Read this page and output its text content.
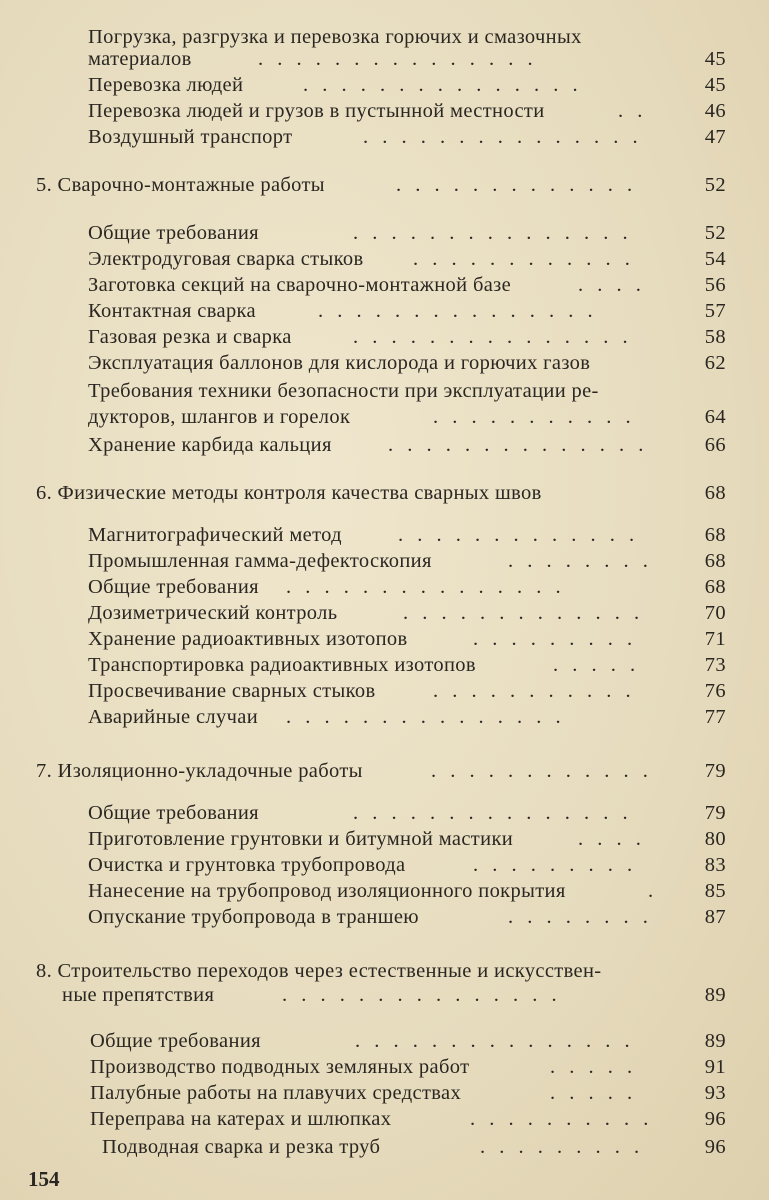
Погрузка, разгрузка и перевозка горючих и смазочных
материалов	. . . . . . . . . . . . . . .	45
Перевозка людей	. . . . . . . . . . . . . . .	45
Перевозка людей и грузов в пустынной местности	. .	46
Воздушный транспорт	. . . . . . . . . . . . . . .	47
5. Сварочно-монтажные работы	. . . . . . . . . . . . .	52
Общие требования	. . . . . . . . . . . . . . .	52
Электродуговая сварка стыков . . . . . . . . . . . .	54
Заготовка секций на сварочно-монтажной базе	. . . .	56
Контактная сварка	. . . . . . . . . . . . . . .	57
Газовая резка и сварка	. . . . . . . . . . . . . . .	58
Эксплуатация баллонов для кислорода и горючих газов	62
Требования техники безопасности при эксплуатации ре-
дукторов, шлангов и горелок	. . . . . . . . . . .	64
Хранение карбида кальция	. . . . . . . . . . . . . .	66
6. Физические методы контроля качества сварных швов	68
Магнитографический метод	. . . . . . . . . . . . .	68
Промышленная гамма-дефектоскопия	. . . . . . . .	68
Общие требования . . . . . . . . . . . . . . .	68
Дозиметрический контроль	. . . . . . . . . . . . .	70
Хранение радиоактивных изотопов	. . . . . . . . .	71
Транспортировка радиоактивных изотопов	. . . . .	73
Просвечивание сварных стыков	. . . . . . . . . . .	76
Аварийные случаи . . . . . . . . . . . . . . .	77
7. Изоляционно-укладочные работы	. . . . . . . . . . . .	79
Общие требования	. . . . . . . . . . . . . . .	79
Приготовление грунтовки и битумной мастики	. . . .	80
Очистка и грунтовка трубопровода	. . . . . . . . .	83
Нанесение на трубопровод изоляционного покрытия	.	85
Опускание трубопровода в траншею	. . . . . . . .	87
8. Строительство переходов через естественные и искусствен-
ные препятствия	. . . . . . . . . . . . . . .	89
Общие требования	. . . . . . . . . . . . . . .	89
Производство подводных земляных работ	. . . . .	91
Палубные работы на плавучих средствах	. . . . .	93
Переправа на катерах и шлюпках	. . . . . . . . . .	96
Подводная сварка и резка труб	. . . . . . . . .	96
154
